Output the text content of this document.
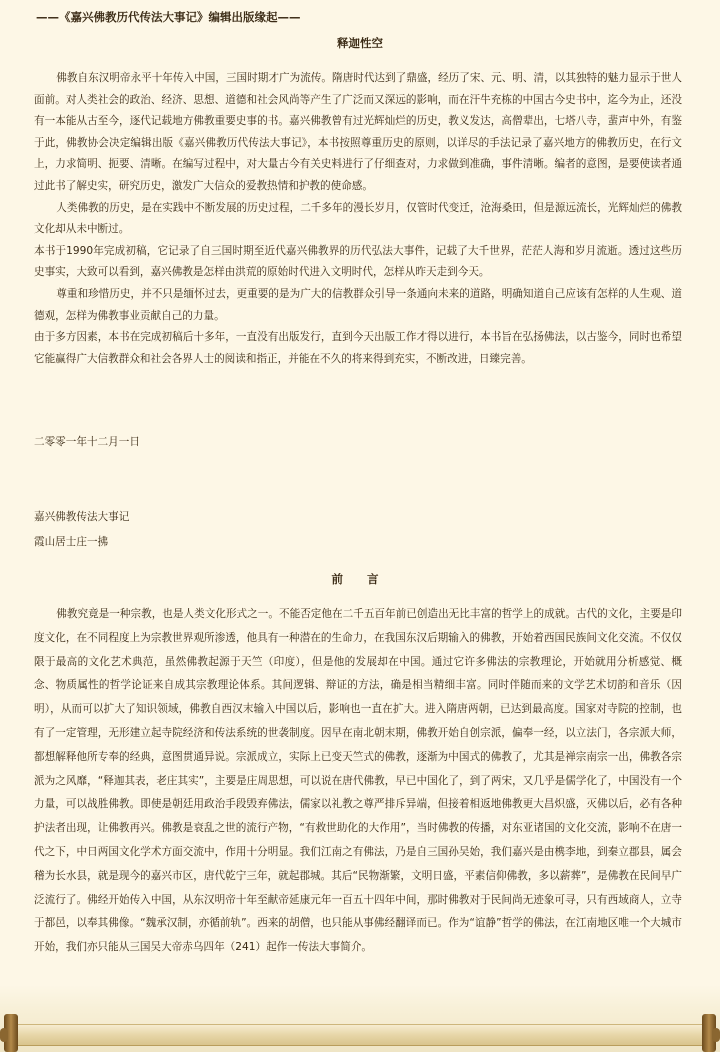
——《嘉兴佛教历代传法大事记》编辑出版缘起——
释迦性空

佛教自东汉明帝永平十年传入中国，三国时期才广为流传。隋唐时代达到了鼎盛，经历了宋、元、明、清，以其独特的魅力显示于世人面前。对人类社会的政治、经济、思想、道德和社会风尚等产生了广泛而又深远的影响，而在汗牛充栋的中国古今史书中，迄今为止，还没有一本能从古至今，逐代记载地方佛教重要史事的书。嘉兴佛教曾有过光辉灿烂的历史，教义发达，高僧辈出，七塔八寺，蜚声中外，有鉴于此，佛教协会决定编辑出版《嘉兴佛教历代传法大事记》，本书按照尊重历史的原则，以详尽的手法记录了嘉兴地方的佛教历史，在行文上，力求简明、扼要、清晰。在编写过程中，对大量古今有关史料进行了仔细查对，力求做到准确，事件清晰。编者的意图，是要使读者通过此书了解史实，研究历史，激发广大信众的爱教热情和护教的使命感。

人类佛教的历史，是在实践中不断发展的历史过程，二千多年的漫长岁月，仅管时代变迁，沧海桑田，但是源远流长，光辉灿烂的佛教文化却从未中断过。

本书于1990年完成初稿，它记录了自三国时期至近代嘉兴佛教界的历代弘法大事件，记载了大千世界，茫茫人海和岁月流逝。透过这些历史事实，大致可以看到，嘉兴佛教是怎样由洪荒的原始时代进入文明时代，怎样从昨天走到今天。

尊重和珍惜历史，并不只是缅怀过去，更重要的是为广大的信教群众引导一条通向未来的道路，明确知道自己应该有怎样的人生观、道德观，怎样为佛教事业贡献自己的力量。

由于多方因素，本书在完成初稿后十多年，一直没有出版发行，直到今天出版工作才得以进行，本书旨在弘扬佛法，以古鉴今，同时也希望它能赢得广大信教群众和社会各界人士的阅读和指正，并能在不久的将来得到充实，不断改进，日臻完善。

二零零一年十二月一日
嘉兴佛教传法大事记
霞山居士庄一拂
前 言

佛教究竟是一种宗教，也是人类文化形式之一。不能否定他在二千五百年前已创造出无比丰富的哲学上的成就。古代的文化，主要是印度文化，在不同程度上为宗教世界观所渗透，他具有一种潜在的生命力，在我国东汉后期输入的佛教，开始着西国民族间文化交流。不仅仅限于最高的文化艺术典范，虽然佛教起源于天竺（印度），但是他的发展却在中国。通过它许多佛法的宗教理论，开始就用分析感觉、概念、物质属性的哲学论证来自成其宗教理论体系。其间逻辑、辩证的方法，确是相当精细丰富。同时伴随而来的文学艺术切韵和音乐（因明），从而可以扩大了知识领域，佛教自西汉末输入中国以后，影响也一直在扩大。进入隋唐两朝，已达到最高度。国家对寺院的控制，也有了一定管理，无形建立起寺院经济和传法系统的世袭制度。因早在南北朝末期，佛教开始自创宗派，偏奉一经，以立法门，各宗派大师，都想解释他所专奉的经典，意图贯通异说。宗派成立，实际上已变天竺式的佛教，逐渐为中国式的佛教了，尤其是禅宗南宗一出，佛教各宗派为之风靡，“释迦其表，老庄其实”，主要是庄周思想，可以说在唐代佛教，早已中国化了，到了两宋，又几乎是儒学化了，中国没有一个力量，可以战胜佛教。即使是朝廷用政治手段毁弃佛法，儒家以礼教之尊严排斥异端，但接着相返地佛教更大昌炽盛，灭佛以后，必有各种护法者出现，让佛教再兴。佛教是衰乱之世的流行产物，“有救世助化的大作用”，当时佛教的传播，对东亚诸国的文化交流，影响不在唐一代之下，中日两国文化学术方面交流中，作用十分明显。我们江南之有佛法，乃是自三国孙吴始，我们嘉兴是由槜李地，到秦立郡县，属会稽为长水县，就是现今的嘉兴市区，唐代乾宁三年，就起郡城。其后“民物渐繁，文明日盛，平素信仰佛教，多以薪葬”，是佛教在民间早广泛流行了。佛经开始传入中国，从东汉明帝十年至献帝延康元年一百五十四年中间，那时佛教对于民间尚无迹象可寻，只有西域商人，立寺于都邑，以奉其佛像。“魏承汉制，亦循前轨”。西来的胡僧，也只能从事佛经翻译而已。作为“谊静”哲学的佛法，在江南地区唯一个大城市开始，我们亦只能从三国吴大帝赤乌四年（241）起作一传法大事简介。
